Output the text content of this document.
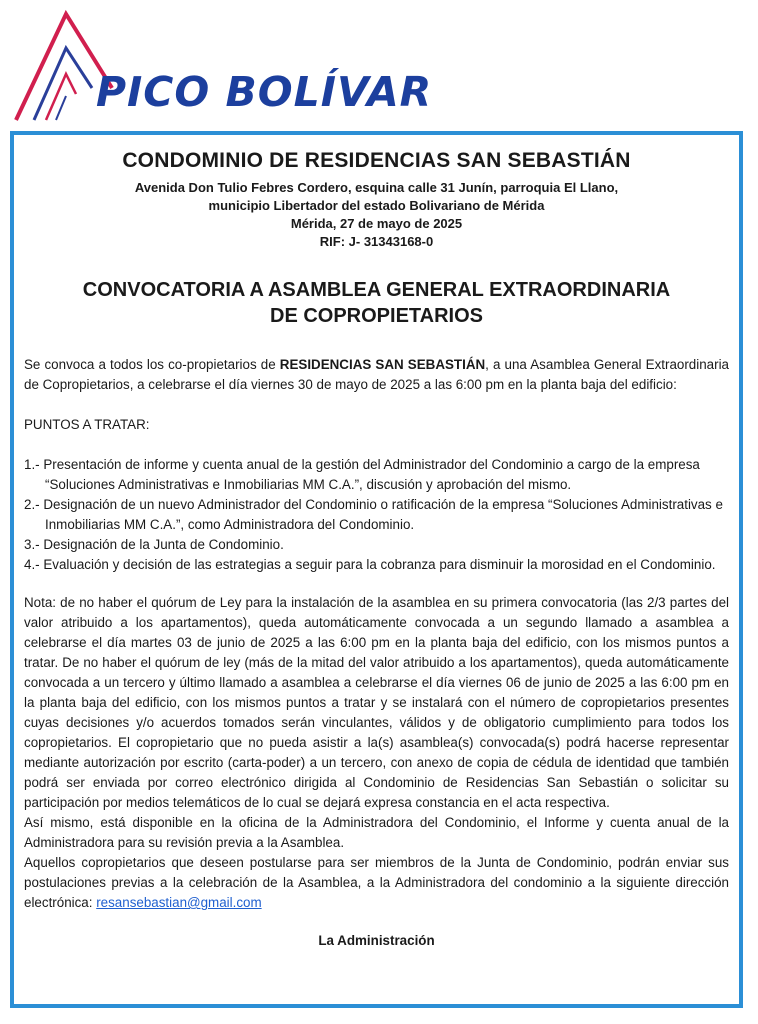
PICO BOLÍVAR
CONDOMINIO DE RESIDENCIAS SAN SEBASTIÁN
Avenida Don Tulio Febres Cordero, esquina calle 31 Junín, parroquia El Llano,
municipio Libertador del estado Bolivariano de Mérida
Mérida, 27 de mayo de 2025
RIF: J- 31343168-0
CONVOCATORIA A ASAMBLEA GENERAL EXTRAORDINARIA
DE COPROPIETARIOS
Se convoca a todos los co-propietarios de RESIDENCIAS SAN SEBASTIÁN, a una Asamblea General Extraordinaria de Copropietarios, a celebrarse el día viernes 30 de mayo de 2025 a las 6:00 pm en la planta baja del edificio:
PUNTOS A TRATAR:
1.- Presentación de informe y cuenta anual de la gestión del Administrador del Condominio a cargo de la empresa “Soluciones Administrativas e Inmobiliarias MM C.A.”, discusión y aprobación del mismo.
2.- Designación de un nuevo Administrador del Condominio o ratificación de la empresa “Soluciones Administrativas e Inmobiliarias MM C.A.”, como Administradora del Condominio.
3.- Designación de la Junta de Condominio.
4.- Evaluación y decisión de las estrategias a seguir para la cobranza para disminuir la morosidad en el Condominio.
Nota: de no haber el quórum de Ley para la instalación de la asamblea en su primera convocatoria (las 2/3 partes del valor atribuido a los apartamentos), queda automáticamente convocada a un segundo llamado a asamblea a celebrarse el día martes 03 de junio de 2025 a las 6:00 pm en la planta baja del edificio, con los mismos puntos a tratar. De no haber el quórum de ley (más de la mitad del valor atribuido a los apartamentos), queda automáticamente convocada a un tercero y último llamado a asamblea a celebrarse el día viernes 06 de junio de 2025 a las 6:00 pm en la planta baja del edificio, con los mismos puntos a tratar y se instalará con el número de copropietarios presentes cuyas decisiones y/o acuerdos tomados serán vinculantes, válidos y de obligatorio cumplimiento para todos los copropietarios. El copropietario que no pueda asistir a la(s) asamblea(s) convocada(s) podrá hacerse representar mediante autorización por escrito (carta-poder) a un tercero, con anexo de copia de cédula de identidad que también podrá ser enviada por correo electrónico dirigida al Condominio de Residencias San Sebastián o solicitar su participación por medios telemáticos de lo cual se dejará expresa constancia en el acta respectiva.
Así mismo, está disponible en la oficina de la Administradora del Condominio, el Informe y cuenta anual de la Administradora para su revisión previa a la Asamblea.
Aquellos copropietarios que deseen postularse para ser miembros de la Junta de Condominio, podrán enviar sus postulaciones previas a la celebración de la Asamblea, a la Administradora del condominio a la siguiente dirección electrónica: resansebastian@gmail.com
La Administración
